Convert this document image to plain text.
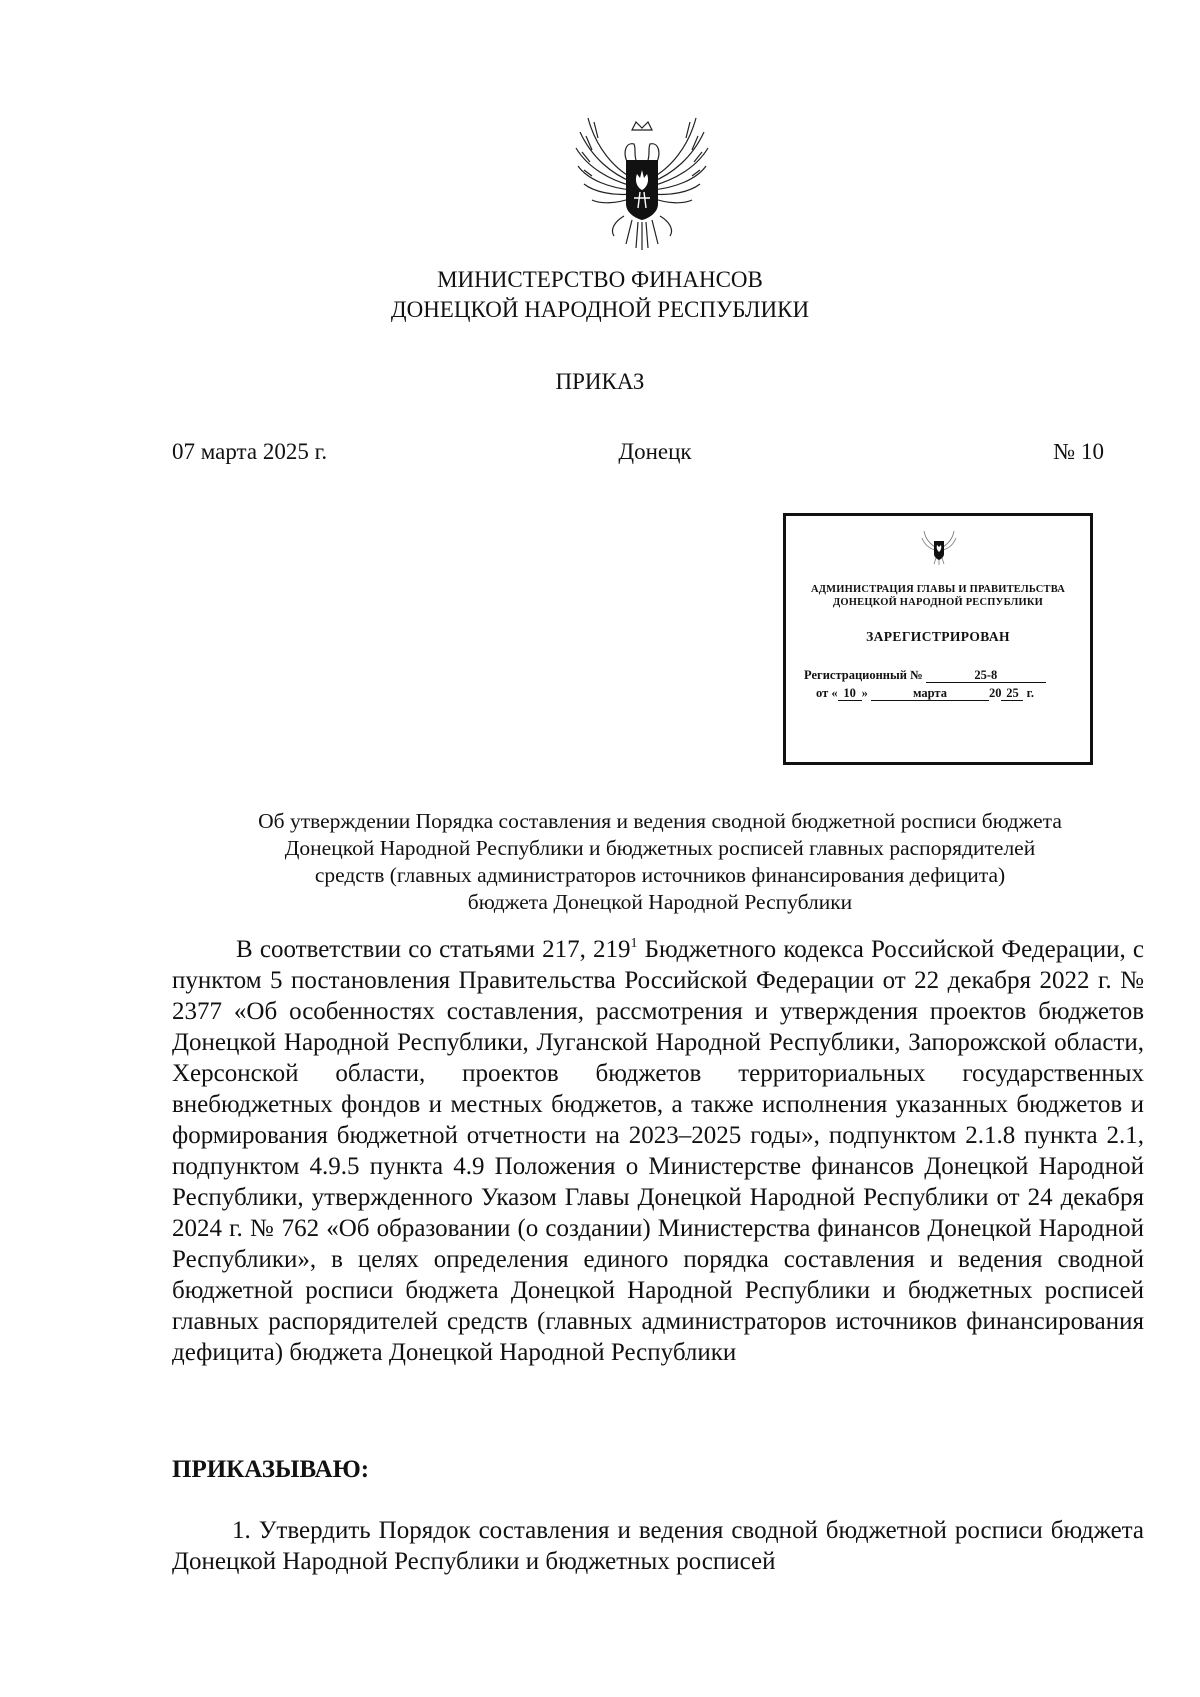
МИНИСТЕРСТВО ФИНАНСОВ
ДОНЕЦКОЙ НАРОДНОЙ РЕСПУБЛИКИ
ПРИКАЗ
07 марта 2025 г.	Донецк	№ 10
АДМИНИСТРАЦИЯ ГЛАВЫ И ПРАВИТЕЛЬСТВА
ДОНЕЦКОЙ НАРОДНОЙ РЕСПУБЛИКИ
ЗАРЕГИСТРИРОВАН
Регистрационный №	25-8
от « 10 »	марта	20 25 г.
Об утверждении Порядка составления и ведения сводной бюджетной росписи бюджета
Донецкой Народной Республики и бюджетных росписей главных распорядителей
средств (главных администраторов источников финансирования дефицита)
бюджета Донецкой Народной Республики
В соответствии со статьями 217, $219^1$ Бюджетного кодекса Российской Федерации, с пунктом 5 постановления Правительства Российской Федерации от 22 декабря 2022 г. № 2377 «Об особенностях составления, рассмотрения и утверждения проектов бюджетов Донецкой Народной Республики, Луганской Народной Республики, Запорожской области, Херсонской области, проектов бюджетов территориальных государственных внебюджетных фондов и местных бюджетов, а также исполнения указанных бюджетов и формирования бюджетной отчетности на 2023–2025 годы», подпунктом 2.1.8 пункта 2.1, подпунктом 4.9.5 пункта 4.9 Положения о Министерстве финансов Донецкой Народной Республики, утвержденного Указом Главы Донецкой Народной Республики от 24 декабря 2024 г. № 762 «Об образовании (о создании) Министерства финансов Донецкой Народной Республики», в целях определения единого порядка составления и ведения сводной бюджетной росписи бюджета Донецкой Народной Республики и бюджетных росписей главных распорядителей средств (главных администраторов источников финансирования дефицита) бюджета Донецкой Народной Республики
ПРИКАЗЫВАЮ:
1. Утвердить Порядок составления и ведения сводной бюджетной росписи бюджета Донецкой Народной Республики и бюджетных росписей
